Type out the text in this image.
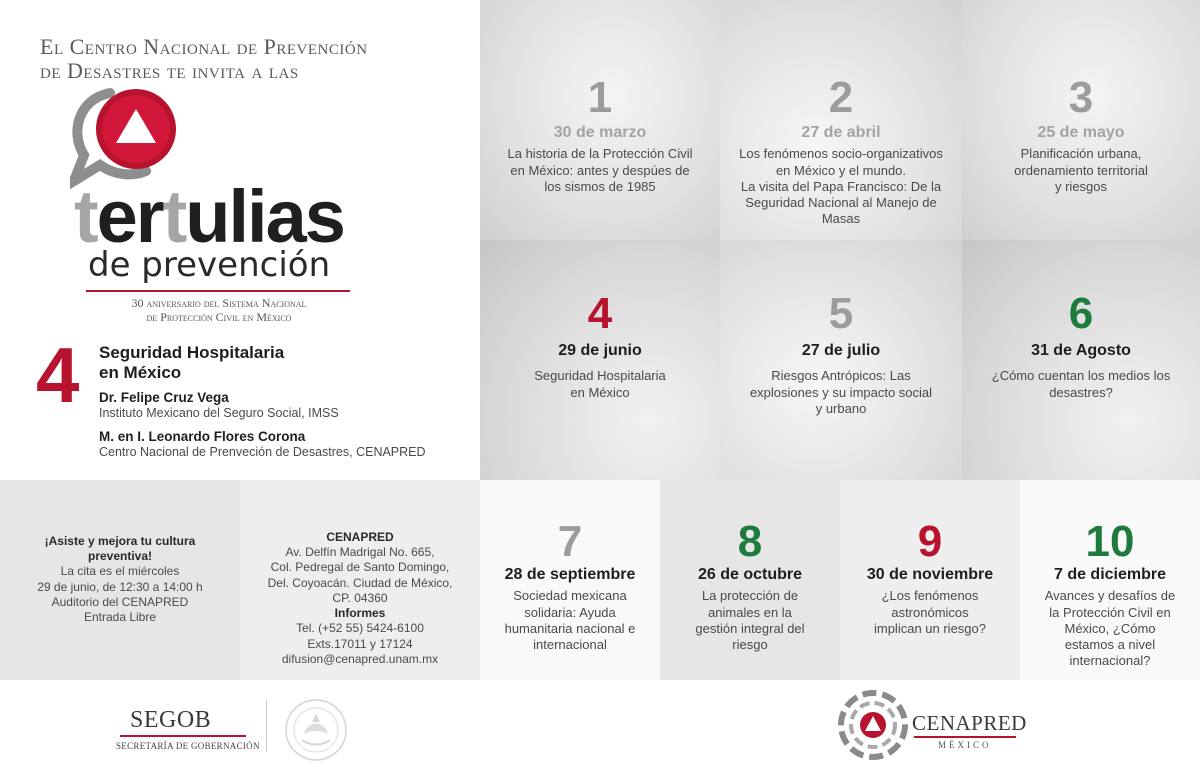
El Centro Nacional de Prevención
de Desastres te invita a las
tertulias
de prevención
30 aniversario del Sistema Nacional
de Protección Civil en México
4 Seguridad Hospitalaria
en México
Dr. Felipe Cruz Vega
Instituto Mexicano del Seguro Social, IMSS
M. en I. Leonardo Flores Corona
Centro Nacional de Prenveción de Desastres, CENAPRED
1
30 de marzo
La historia de la Protección Civil
en México: antes y despúes de
los sismos de 1985
2
27 de abril
Los fenómenos socio-organizativos
en México y el mundo.
La visita del Papa Francisco: De la
Seguridad Nacional al Manejo de
Masas
3
25 de mayo
Planificación urbana,
ordenamiento territorial
y riesgos
4
29 de junio
Seguridad Hospitalaria
en México
5
27 de julio
Riesgos Antrópicos: Las
explosiones y su impacto social
y urbano
6
31 de Agosto
¿Cómo cuentan los medios los
desastres?
¡Asiste y mejora tu cultura
preventiva!
La cita es el miércoles
29 de junio, de 12:30 a 14:00 h
Auditorio del CENAPRED
Entrada Libre
CENAPRED
Av. Delfín Madrigal No. 665,
Col. Pedregal de Santo Domingo,
Del. Coyoacán. Ciudad de México,
CP. 04360
Informes
Tel. (+52 55) 5424-6100
Exts.17011 y 17124
difusion@cenapred.unam.mx
7
28 de septiembre
Sociedad mexicana
solidaria: Ayuda
humanitaria nacional e
internacional
8
26 de octubre
La protección de
animales en la
gestión integral del
riesgo
9
30 de noviembre
¿Los fenómenos
astronómicos
implican un riesgo?
10
7 de diciembre
Avances y desafíos de
la Protección Civil en
México, ¿Cómo
estamos a nivel
internacional?
SEGOB
SECRETARÍA DE GOBERNACIÓN
CENAPRED
MÉXICO
